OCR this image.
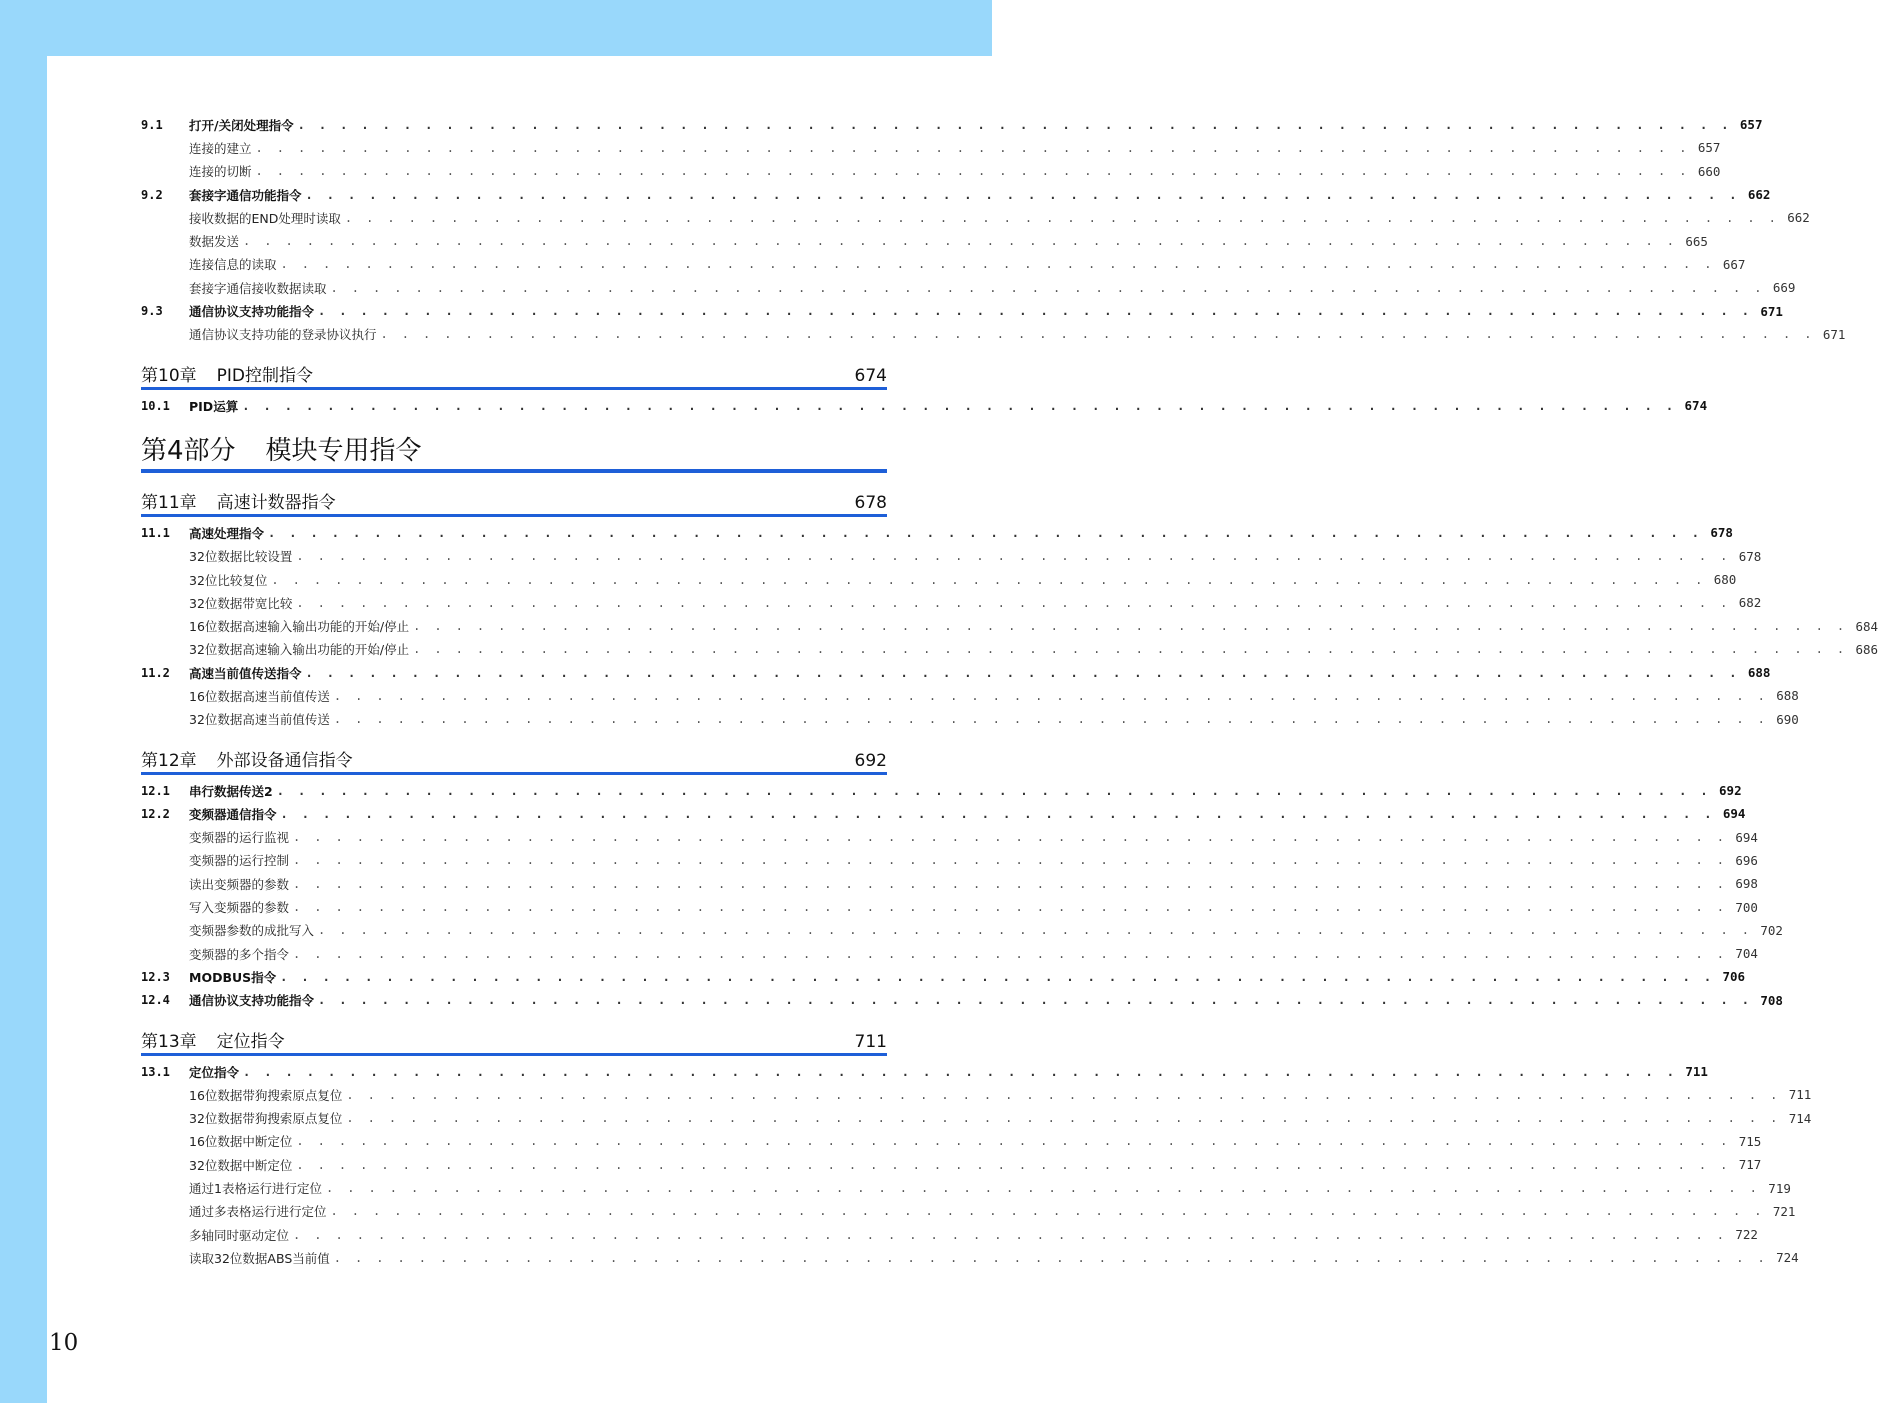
9.1	打开/关闭处理指令 . . . . . . . . . . . . . . . . . . . . . . . . . . . . . . . . . . . . . . . . . . . . . . . . . . . . . . . . . . . . . . . . . . . . 657
连接的建立 . . . . . . . . . . . . . . . . . . . . . . . . . . . . . . . . . . . . . . . . . . . . . . . . . . . . . . . . . . . . . . . . . . . . 657
连接的切断 . . . . . . . . . . . . . . . . . . . . . . . . . . . . . . . . . . . . . . . . . . . . . . . . . . . . . . . . . . . . . . . . . . . . 660
9.2	套接字通信功能指令 . . . . . . . . . . . . . . . . . . . . . . . . . . . . . . . . . . . . . . . . . . . . . . . . . . . . . . . . . . . . . . . . . . . . 662
接收数据的END处理时读取 . . . . . . . . . . . . . . . . . . . . . . . . . . . . . . . . . . . . . . . . . . . . . . . . . . . . . . . . . . . . . . . . . . . . 662
数据发送 . . . . . . . . . . . . . . . . . . . . . . . . . . . . . . . . . . . . . . . . . . . . . . . . . . . . . . . . . . . . . . . . . . . . 665
连接信息的读取 . . . . . . . . . . . . . . . . . . . . . . . . . . . . . . . . . . . . . . . . . . . . . . . . . . . . . . . . . . . . . . . . . . . . 667
套接字通信接收数据读取 . . . . . . . . . . . . . . . . . . . . . . . . . . . . . . . . . . . . . . . . . . . . . . . . . . . . . . . . . . . . . . . . . . . . 669
9.3	通信协议支持功能指令 . . . . . . . . . . . . . . . . . . . . . . . . . . . . . . . . . . . . . . . . . . . . . . . . . . . . . . . . . . . . . . . . . . . . 671
通信协议支持功能的登录协议执行 . . . . . . . . . . . . . . . . . . . . . . . . . . . . . . . . . . . . . . . . . . . . . . . . . . . . . . . . . . . . . . . . . . . . 671
第10章 PID控制指令	674
10.1	PID运算 . . . . . . . . . . . . . . . . . . . . . . . . . . . . . . . . . . . . . . . . . . . . . . . . . . . . . . . . . . . . . . . . . . . . 674
第4部分 模块专用指令
第11章 高速计数器指令	678
11.1	高速处理指令 . . . . . . . . . . . . . . . . . . . . . . . . . . . . . . . . . . . . . . . . . . . . . . . . . . . . . . . . . . . . . . . . . . . . 678
32位数据比较设置 . . . . . . . . . . . . . . . . . . . . . . . . . . . . . . . . . . . . . . . . . . . . . . . . . . . . . . . . . . . . . . . . . . . . 678
32位比较复位 . . . . . . . . . . . . . . . . . . . . . . . . . . . . . . . . . . . . . . . . . . . . . . . . . . . . . . . . . . . . . . . . . . . . 680
32位数据带宽比较 . . . . . . . . . . . . . . . . . . . . . . . . . . . . . . . . . . . . . . . . . . . . . . . . . . . . . . . . . . . . . . . . . . . . 682
16位数据高速输入输出功能的开始/停止 . . . . . . . . . . . . . . . . . . . . . . . . . . . . . . . . . . . . . . . . . . . . . . . . . . . . . . . . . . . . . . . . . . . . 684
32位数据高速输入输出功能的开始/停止 . . . . . . . . . . . . . . . . . . . . . . . . . . . . . . . . . . . . . . . . . . . . . . . . . . . . . . . . . . . . . . . . . . . . 686
11.2	高速当前值传送指令 . . . . . . . . . . . . . . . . . . . . . . . . . . . . . . . . . . . . . . . . . . . . . . . . . . . . . . . . . . . . . . . . . . . . 688
16位数据高速当前值传送 . . . . . . . . . . . . . . . . . . . . . . . . . . . . . . . . . . . . . . . . . . . . . . . . . . . . . . . . . . . . . . . . . . . . 688
32位数据高速当前值传送 . . . . . . . . . . . . . . . . . . . . . . . . . . . . . . . . . . . . . . . . . . . . . . . . . . . . . . . . . . . . . . . . . . . . 690
第12章 外部设备通信指令	692
12.1	串行数据传送2 . . . . . . . . . . . . . . . . . . . . . . . . . . . . . . . . . . . . . . . . . . . . . . . . . . . . . . . . . . . . . . . . . . . . 692
12.2	变频器通信指令 . . . . . . . . . . . . . . . . . . . . . . . . . . . . . . . . . . . . . . . . . . . . . . . . . . . . . . . . . . . . . . . . . . . . 694
变频器的运行监视 . . . . . . . . . . . . . . . . . . . . . . . . . . . . . . . . . . . . . . . . . . . . . . . . . . . . . . . . . . . . . . . . . . . . 694
变频器的运行控制 . . . . . . . . . . . . . . . . . . . . . . . . . . . . . . . . . . . . . . . . . . . . . . . . . . . . . . . . . . . . . . . . . . . . 696
读出变频器的参数 . . . . . . . . . . . . . . . . . . . . . . . . . . . . . . . . . . . . . . . . . . . . . . . . . . . . . . . . . . . . . . . . . . . . 698
写入变频器的参数 . . . . . . . . . . . . . . . . . . . . . . . . . . . . . . . . . . . . . . . . . . . . . . . . . . . . . . . . . . . . . . . . . . . . 700
变频器参数的成批写入 . . . . . . . . . . . . . . . . . . . . . . . . . . . . . . . . . . . . . . . . . . . . . . . . . . . . . . . . . . . . . . . . . . . . 702
变频器的多个指令 . . . . . . . . . . . . . . . . . . . . . . . . . . . . . . . . . . . . . . . . . . . . . . . . . . . . . . . . . . . . . . . . . . . . 704
12.3	MODBUS指令 . . . . . . . . . . . . . . . . . . . . . . . . . . . . . . . . . . . . . . . . . . . . . . . . . . . . . . . . . . . . . . . . . . . . 706
12.4	通信协议支持功能指令 . . . . . . . . . . . . . . . . . . . . . . . . . . . . . . . . . . . . . . . . . . . . . . . . . . . . . . . . . . . . . . . . . . . . 708
第13章 定位指令	711
13.1	定位指令 . . . . . . . . . . . . . . . . . . . . . . . . . . . . . . . . . . . . . . . . . . . . . . . . . . . . . . . . . . . . . . . . . . . . 711
16位数据带狗搜索原点复位 . . . . . . . . . . . . . . . . . . . . . . . . . . . . . . . . . . . . . . . . . . . . . . . . . . . . . . . . . . . . . . . . . . . . 711
32位数据带狗搜索原点复位 . . . . . . . . . . . . . . . . . . . . . . . . . . . . . . . . . . . . . . . . . . . . . . . . . . . . . . . . . . . . . . . . . . . . 714
16位数据中断定位 . . . . . . . . . . . . . . . . . . . . . . . . . . . . . . . . . . . . . . . . . . . . . . . . . . . . . . . . . . . . . . . . . . . . 715
32位数据中断定位 . . . . . . . . . . . . . . . . . . . . . . . . . . . . . . . . . . . . . . . . . . . . . . . . . . . . . . . . . . . . . . . . . . . . 717
通过1表格运行进行定位 . . . . . . . . . . . . . . . . . . . . . . . . . . . . . . . . . . . . . . . . . . . . . . . . . . . . . . . . . . . . . . . . . . . . 719
通过多表格运行进行定位 . . . . . . . . . . . . . . . . . . . . . . . . . . . . . . . . . . . . . . . . . . . . . . . . . . . . . . . . . . . . . . . . . . . . 721
多轴同时驱动定位 . . . . . . . . . . . . . . . . . . . . . . . . . . . . . . . . . . . . . . . . . . . . . . . . . . . . . . . . . . . . . . . . . . . . 722
读取32位数据ABS当前值 . . . . . . . . . . . . . . . . . . . . . . . . . . . . . . . . . . . . . . . . . . . . . . . . . . . . . . . . . . . . . . . . . . . . 724
10
